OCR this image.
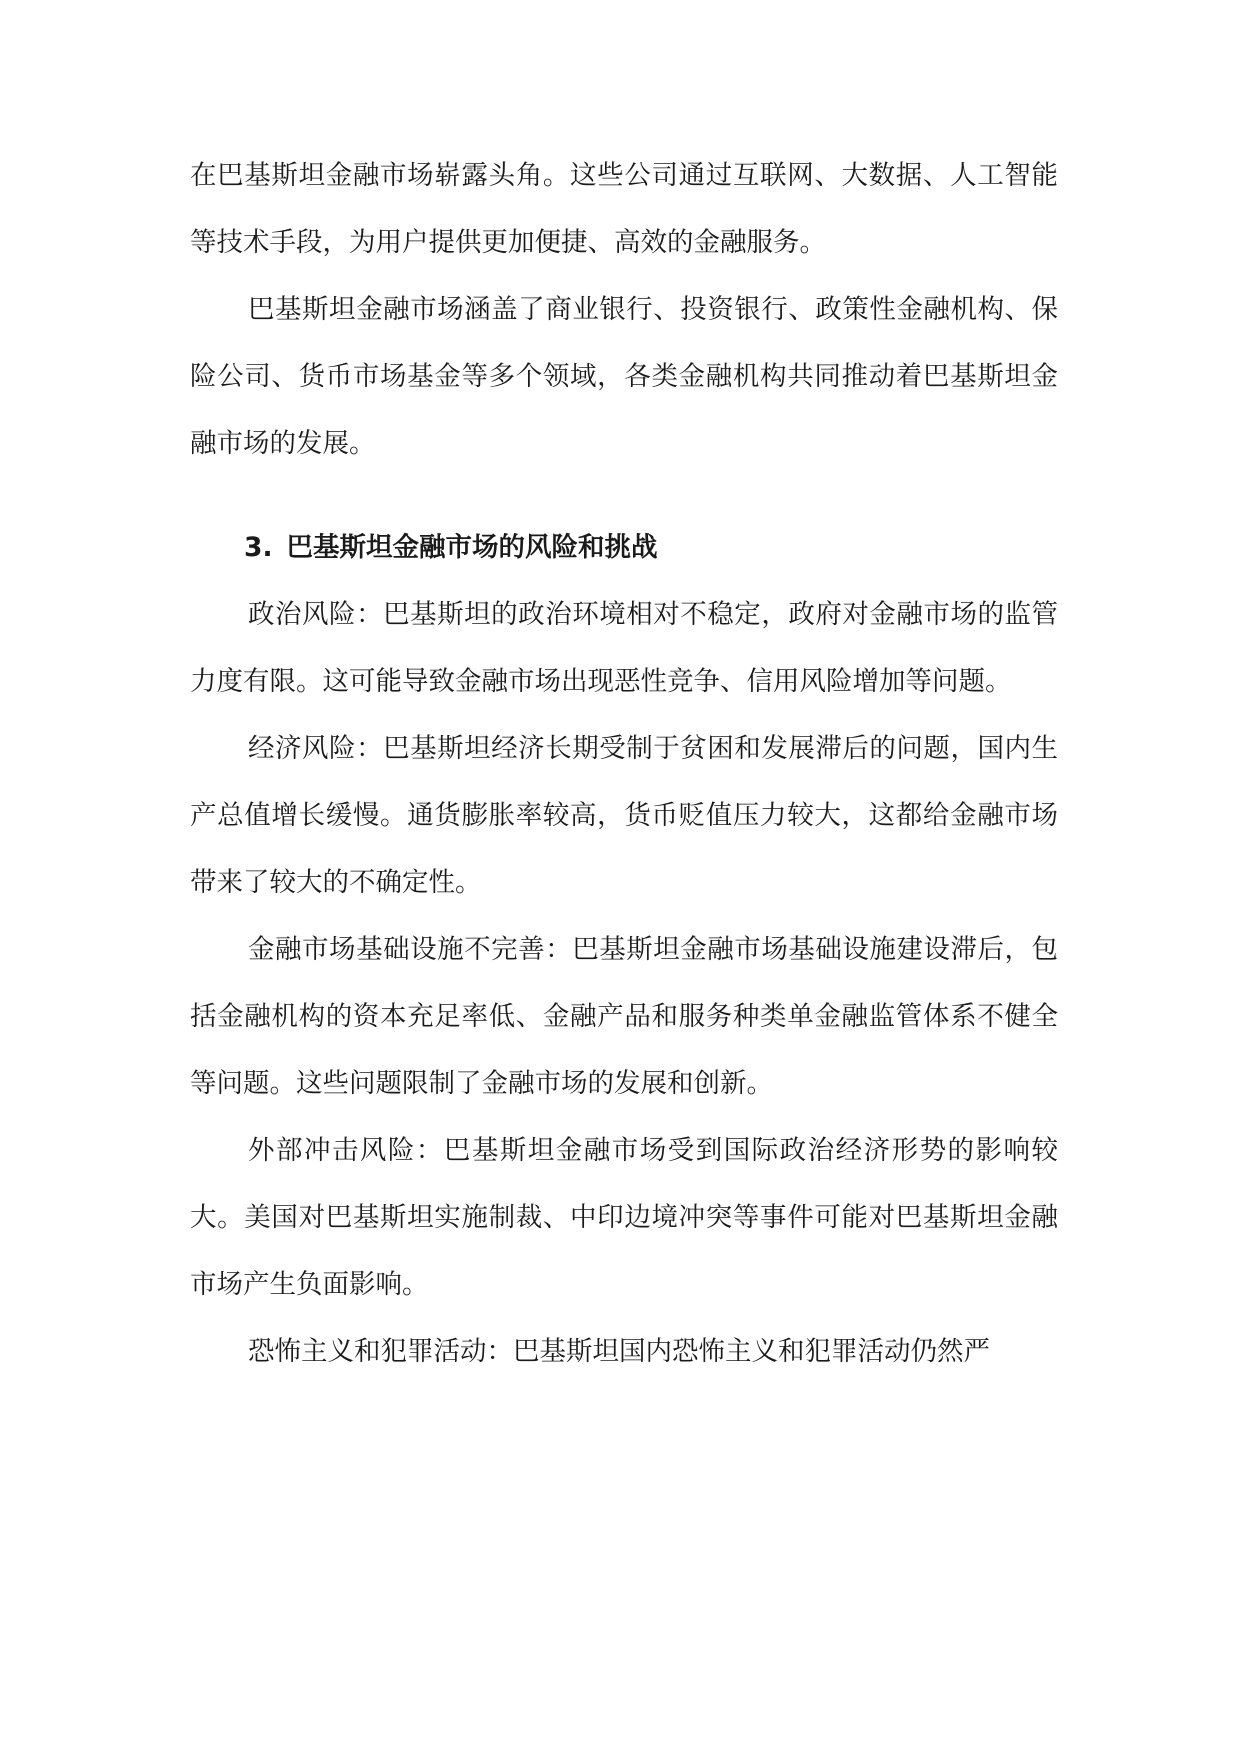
在巴基斯坦金融市场崭露头角。这些公司通过互联网、大数据、人工智能等技术手段，为用户提供更加便捷、高效的金融服务。

巴基斯坦金融市场涵盖了商业银行、投资银行、政策性金融机构、保险公司、货币市场基金等多个领域，各类金融机构共同推动着巴基斯坦金融市场的发展。

3. 巴基斯坦金融市场的风险和挑战

政治风险：巴基斯坦的政治环境相对不稳定，政府对金融市场的监管力度有限。这可能导致金融市场出现恶性竞争、信用风险增加等问题。

经济风险：巴基斯坦经济长期受制于贫困和发展滞后的问题，国内生产总值增长缓慢。通货膨胀率较高，货币贬值压力较大，这都给金融市场带来了较大的不确定性。

金融市场基础设施不完善：巴基斯坦金融市场基础设施建设滞后，包括金融机构的资本充足率低、金融产品和服务种类单金融监管体系不健全等问题。这些问题限制了金融市场的发展和创新。

外部冲击风险：巴基斯坦金融市场受到国际政治经济形势的影响较大。美国对巴基斯坦实施制裁、中印边境冲突等事件可能对巴基斯坦金融市场产生负面影响。

恐怖主义和犯罪活动：巴基斯坦国内恐怖主义和犯罪活动仍然严
